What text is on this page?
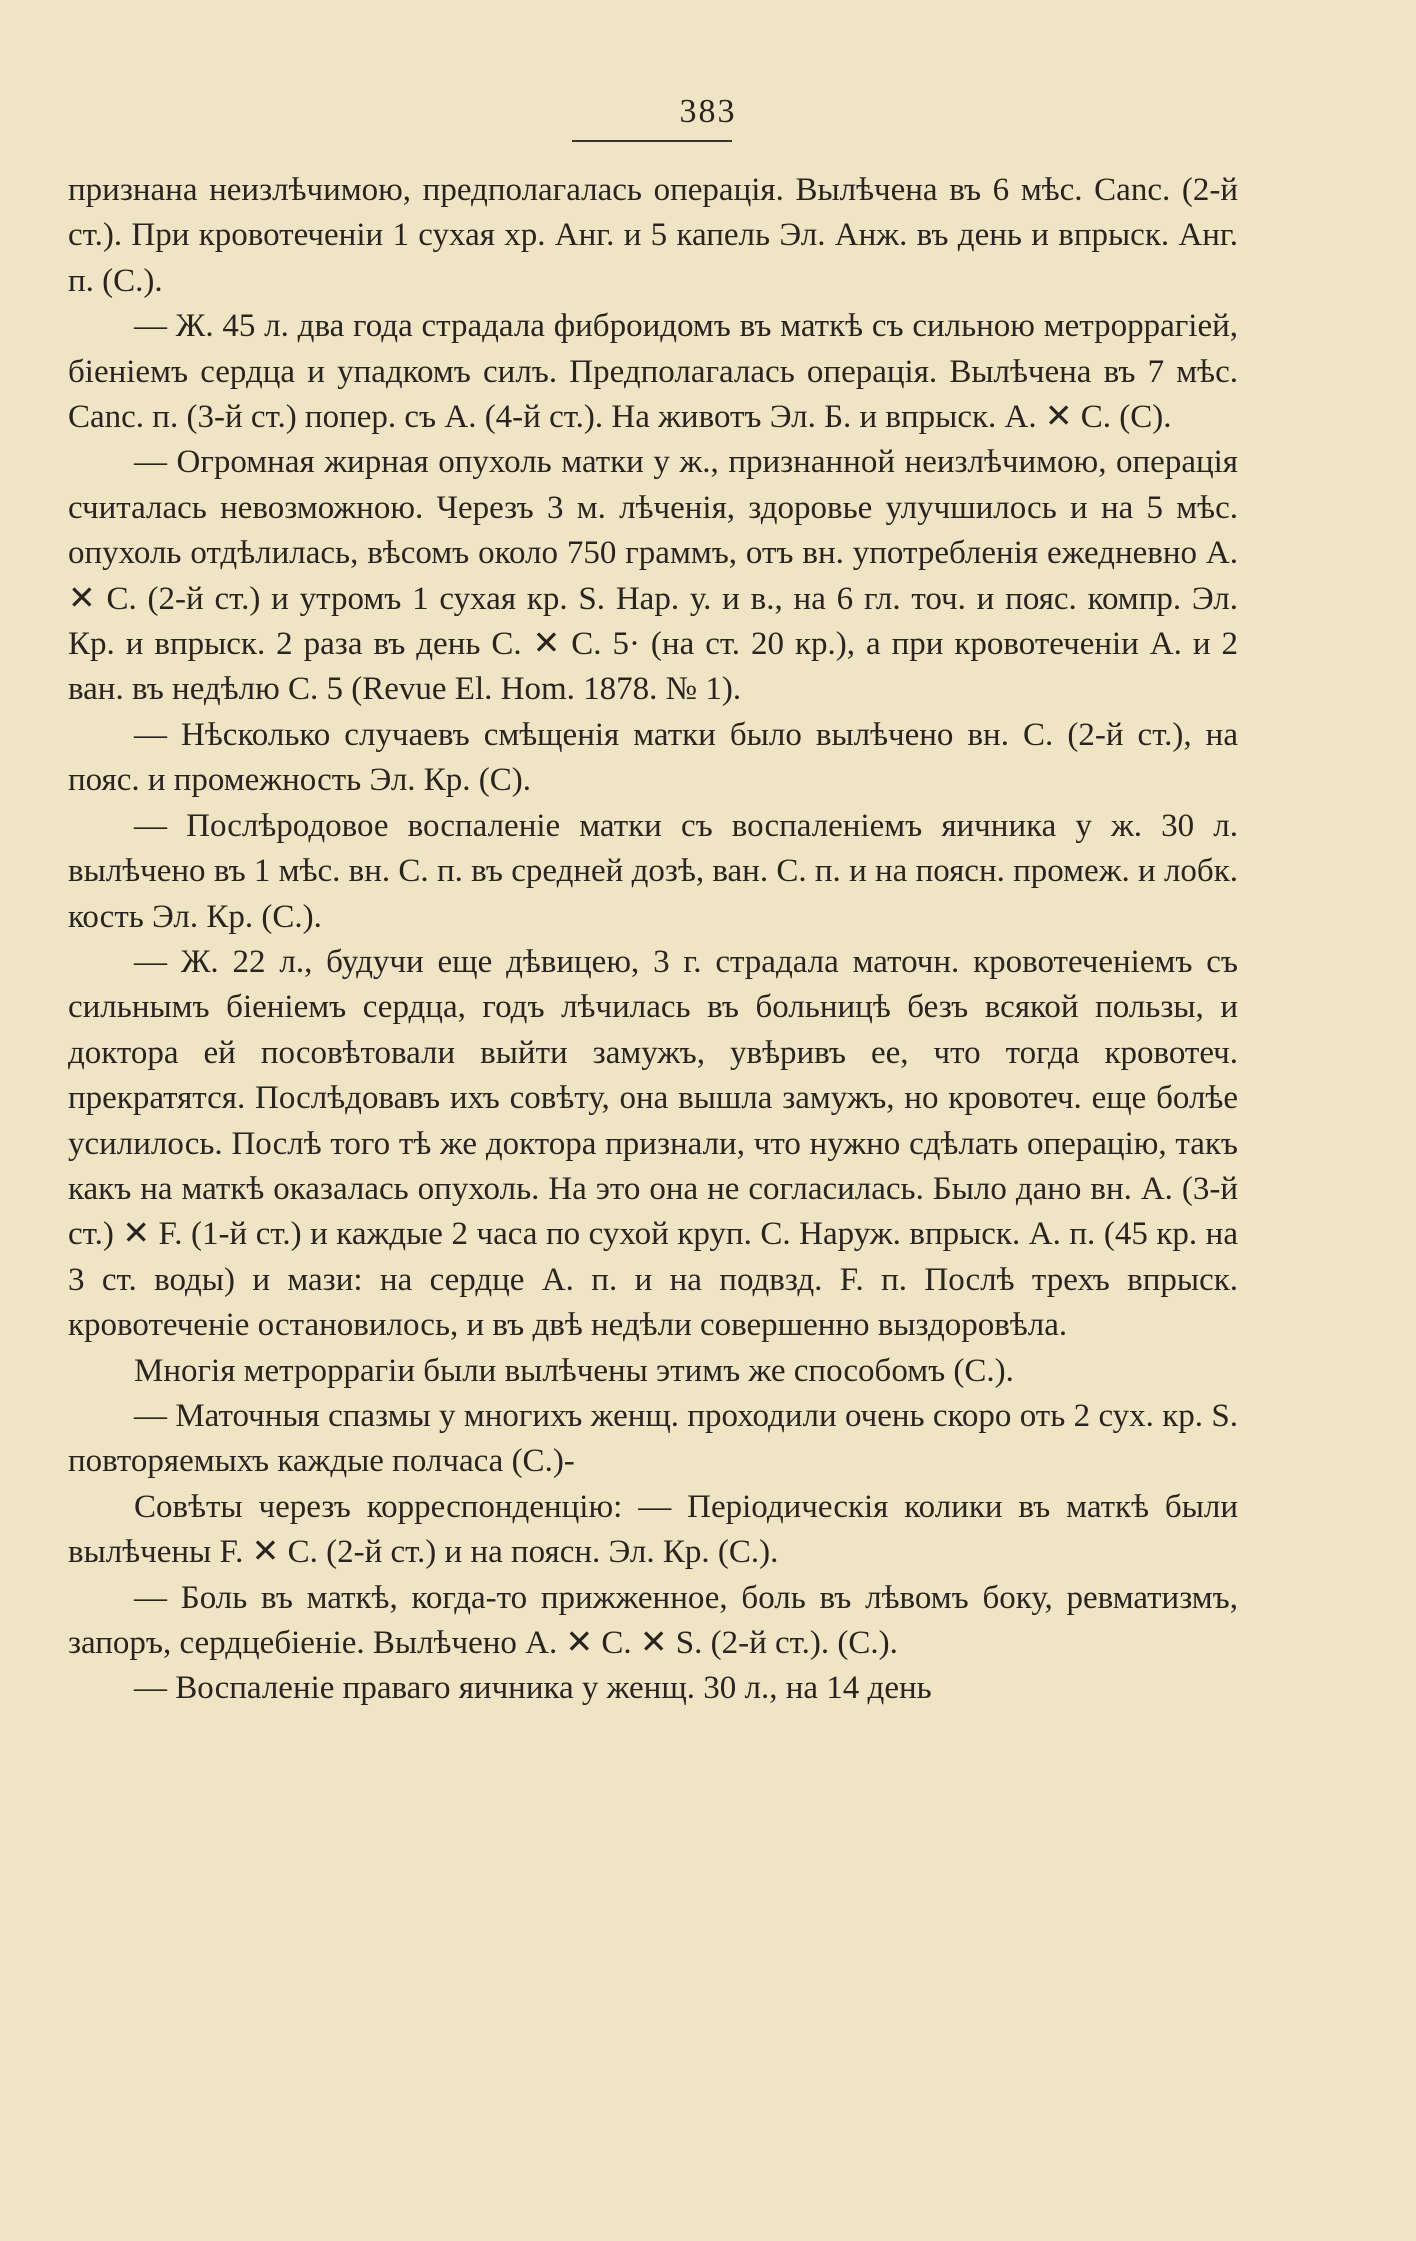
383

признана неизлѣчимою, предполагалась операція. Вылѣчена въ 6 мѣс. Canc. (2-й ст.). При кровотеченіи 1 сухая хр. Анг. и 5 капель Эл. Анж. въ день и впрыск. Анг. п. (С.).

— Ж. 45 л. два года страдала фиброидомъ въ маткѣ съ сильною метроррагіей, біеніемъ сердца и упадкомъ силъ. Предполагалась операція. Вылѣчена въ 7 мѣс. Canc. п. (3-й ст.) попер. съ А. (4-й ст.). На животъ Эл. Б. и впрыск. А. ✕ С. (С).

— Огромная жирная опухоль матки у ж., признанной неизлѣчимою, операція считалась невозможною. Черезъ 3 м. лѣченія, здоровье улучшилось и на 5 мѣс. опухоль отдѣлилась, вѣсомъ около 750 граммъ, отъ вн. употребленія ежедневно А. ✕ С. (2-й ст.) и утромъ 1 сухая кр. S. Нар. у. и в., на 6 гл. точ. и пояс. компр. Эл. Кр. и впрыск. 2 раза въ день С. ✕ С. 5· (на ст. 20 кр.), а при кровотеченіи А. и 2 ван. въ недѣлю С. 5 (Revue El. Hom. 1878. № 1).

— Нѣсколько случаевъ смѣщенія матки было вылѣчено вн. С. (2-й ст.), на пояс. и промежность Эл. Кр. (С).

— Послѣродовое воспаленіе матки съ воспаленіемъ яичника у ж. 30 л. вылѣчено въ 1 мѣс. вн. С. п. въ средней дозѣ, ван. С. п. и на поясн. промеж. и лобк. кость Эл. Кр. (С.).

— Ж. 22 л., будучи еще дѣвицею, 3 г. страдала маточн. кровотеченіемъ съ сильнымъ біеніемъ сердца, годъ лѣчилась въ больницѣ безъ всякой пользы, и доктора ей посовѣтовали выйти замужъ, увѣривъ ее, что тогда кровотеч. прекратятся. Послѣдовавъ ихъ совѣту, она вышла замужъ, но кровотеч. еще болѣе усилилось. Послѣ того тѣ же доктора признали, что нужно сдѣлать операцію, такъ какъ на маткѣ оказалась опухоль. На это она не согласилась. Было дано вн. А. (3-й ст.) ✕ F. (1-й ст.) и каждые 2 часа по сухой круп. С. Наруж. впрыск. А. п. (45 кр. на 3 ст. воды) и мази: на сердце А. п. и на подвзд. F. п. Послѣ трехъ впрыск. кровотеченіе остановилось, и въ двѣ недѣли совершенно выздоровѣла.

Многія метроррагіи были вылѣчены этимъ же способомъ (С.).

— Маточныя спазмы у многихъ женщ. проходили очень скоро оть 2 сух. кр. S. повторяемыхъ каждые полчаса (С.)-

Совѣты черезъ корреспонденцію: — Періодическія колики въ маткѣ были вылѣчены F. ✕ С. (2-й ст.) и на поясн. Эл. Кр. (С.).

— Боль въ маткѣ, когда-то прижженное, боль въ лѣвомъ боку, ревматизмъ, запоръ, сердцебіеніе. Вылѣчено А. ✕ С. ✕ S. (2-й ст.). (С.).

— Воспаленіе праваго яичника у женщ. 30 л., на 14 день
